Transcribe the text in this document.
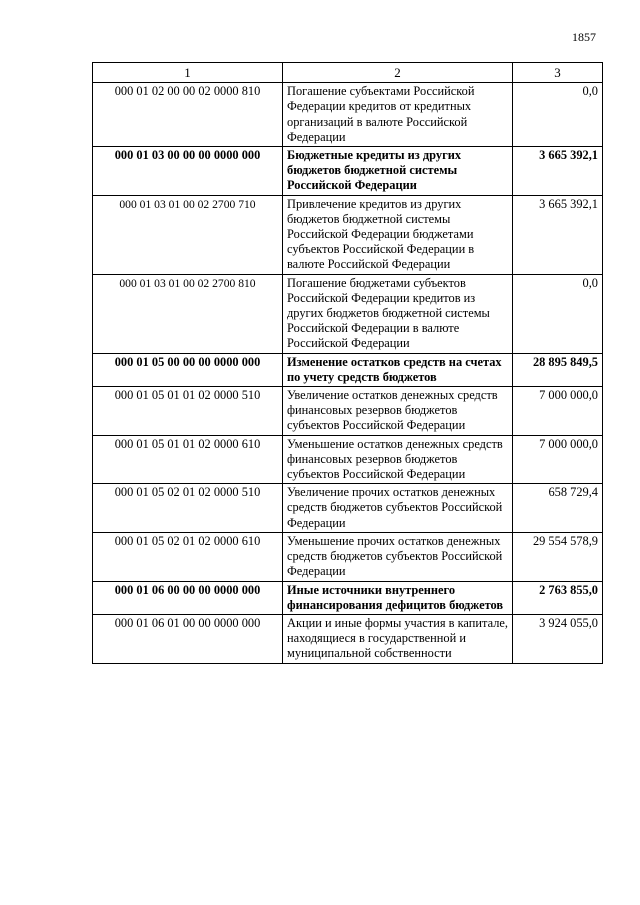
1857
1	2	3
000 01 02 00 00 02 0000 810	Погашение субъектами Российской Федерации кредитов от кредитных организаций в валюте Российской Федерации	0,0
000 01 03 00 00 00 0000 000	Бюджетные кредиты из других бюджетов бюджетной системы Российской Федерации	3 665 392,1
000 01 03 01 00 02 2700 710	Привлечение кредитов из других бюджетов бюджетной системы Российской Федерации бюджетами субъектов Российской Федерации в валюте Российской Федерации	3 665 392,1
000 01 03 01 00 02 2700 810	Погашение бюджетами субъектов Российской Федерации кредитов из других бюджетов бюджетной системы Российской Федерации в валюте Российской Федерации	0,0
000 01 05 00 00 00 0000 000	Изменение остатков средств на счетах по учету средств бюджетов	28 895 849,5
000 01 05 01 01 02 0000 510	Увеличение остатков денежных средств финансовых резервов бюджетов субъектов Российской Федерации	7 000 000,0
000 01 05 01 01 02 0000 610	Уменьшение остатков денежных средств финансовых резервов бюджетов субъектов Российской Федерации	7 000 000,0
000 01 05 02 01 02 0000 510	Увеличение прочих остатков денежных средств бюджетов субъектов Российской Федерации	658 729,4
000 01 05 02 01 02 0000 610	Уменьшение прочих остатков денежных средств бюджетов субъектов Российской Федерации	29 554 578,9
000 01 06 00 00 00 0000 000	Иные источники внутреннего финансирования дефицитов бюджетов	2 763 855,0
000 01 06 01 00 00 0000 000	Акции и иные формы участия в капитале, находящиеся в государственной и муниципальной собственности	3 924 055,0
